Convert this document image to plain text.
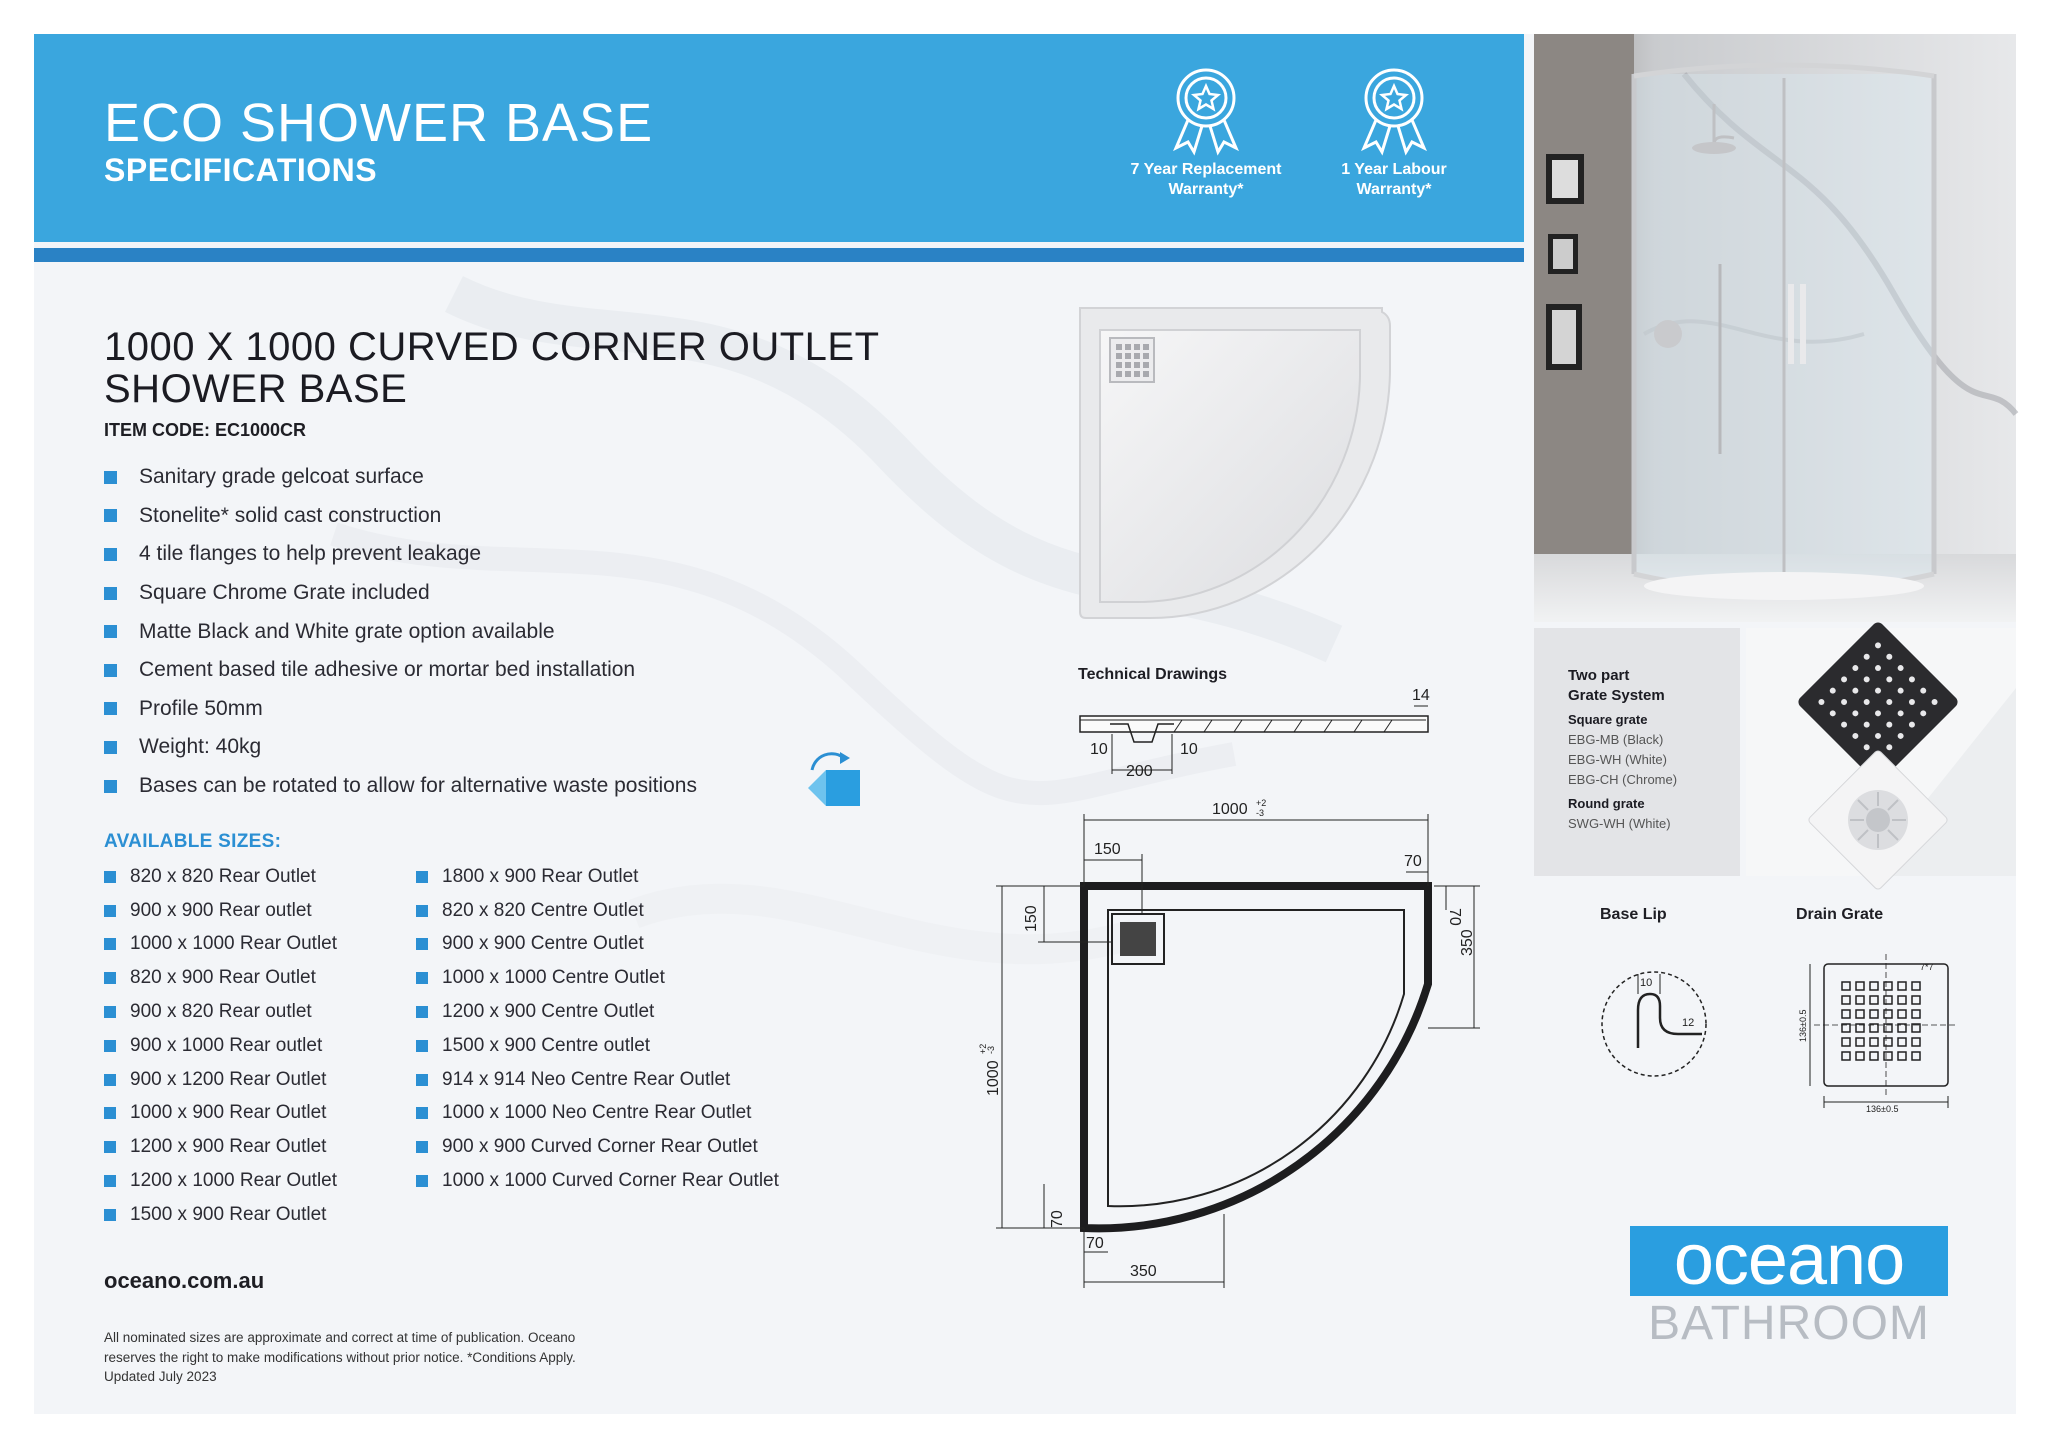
ECO SHOWER BASE
SPECIFICATIONS	7 Year Replacement
Warranty*
1 Year Labour
Warranty*
1000 X 1000 CURVED CORNER OUTLET
SHOWER BASE
ITEM CODE: EC1000CR
Sanitary grade gelcoat surface
Stonelite* solid cast construction
4 tile flanges to help prevent leakage
Square Chrome Grate included
Matte Black and White grate option available
Cement based tile adhesive or mortar bed installation
Profile 50mm
Weight: 40kg
Bases can be rotated to allow for alternative waste positions
AVAILABLE SIZES:
820 x 820 Rear Outlet
900 x 900 Rear outlet
1000 x 1000 Rear Outlet
820 x 900 Rear Outlet
900 x 820 Rear outlet
900 x 1000 Rear outlet
900 x 1200 Rear Outlet
1000 x 900 Rear Outlet
1200 x 900 Rear Outlet
1200 x 1000 Rear Outlet
1500 x 900 Rear Outlet
1800 x 900 Rear Outlet
820 x 820 Centre Outlet
900 x 900 Centre Outlet
1000 x 1000 Centre Outlet
1200 x 900 Centre Outlet
1500 x 900 Centre outlet
914 x 914 Neo Centre Rear Outlet
1000 x 1000 Neo Centre Rear Outlet
900 x 900 Curved Corner Rear Outlet
1000 x 1000 Curved Corner Rear Outlet
oceano.com.au
All nominated sizes are approximate and correct at time of publication. Oceano
reserves the right to make modifications without prior notice. *Conditions Apply.
Updated July 2023
Technical Drawings
14
10	10
200
1000 +2
-3
150
70
150	70
350
1000
+2
-3
70
70
350
10
12
7*7
136±0.5
136±0.5
Two part
Grate System
Square grate
EBG-MB (Black)
EBG-WH (White)
EBG-CH (Chrome)
Round grate
SWG-WH (White)
Base Lip	Drain Grate
oceano
BATHROOM
